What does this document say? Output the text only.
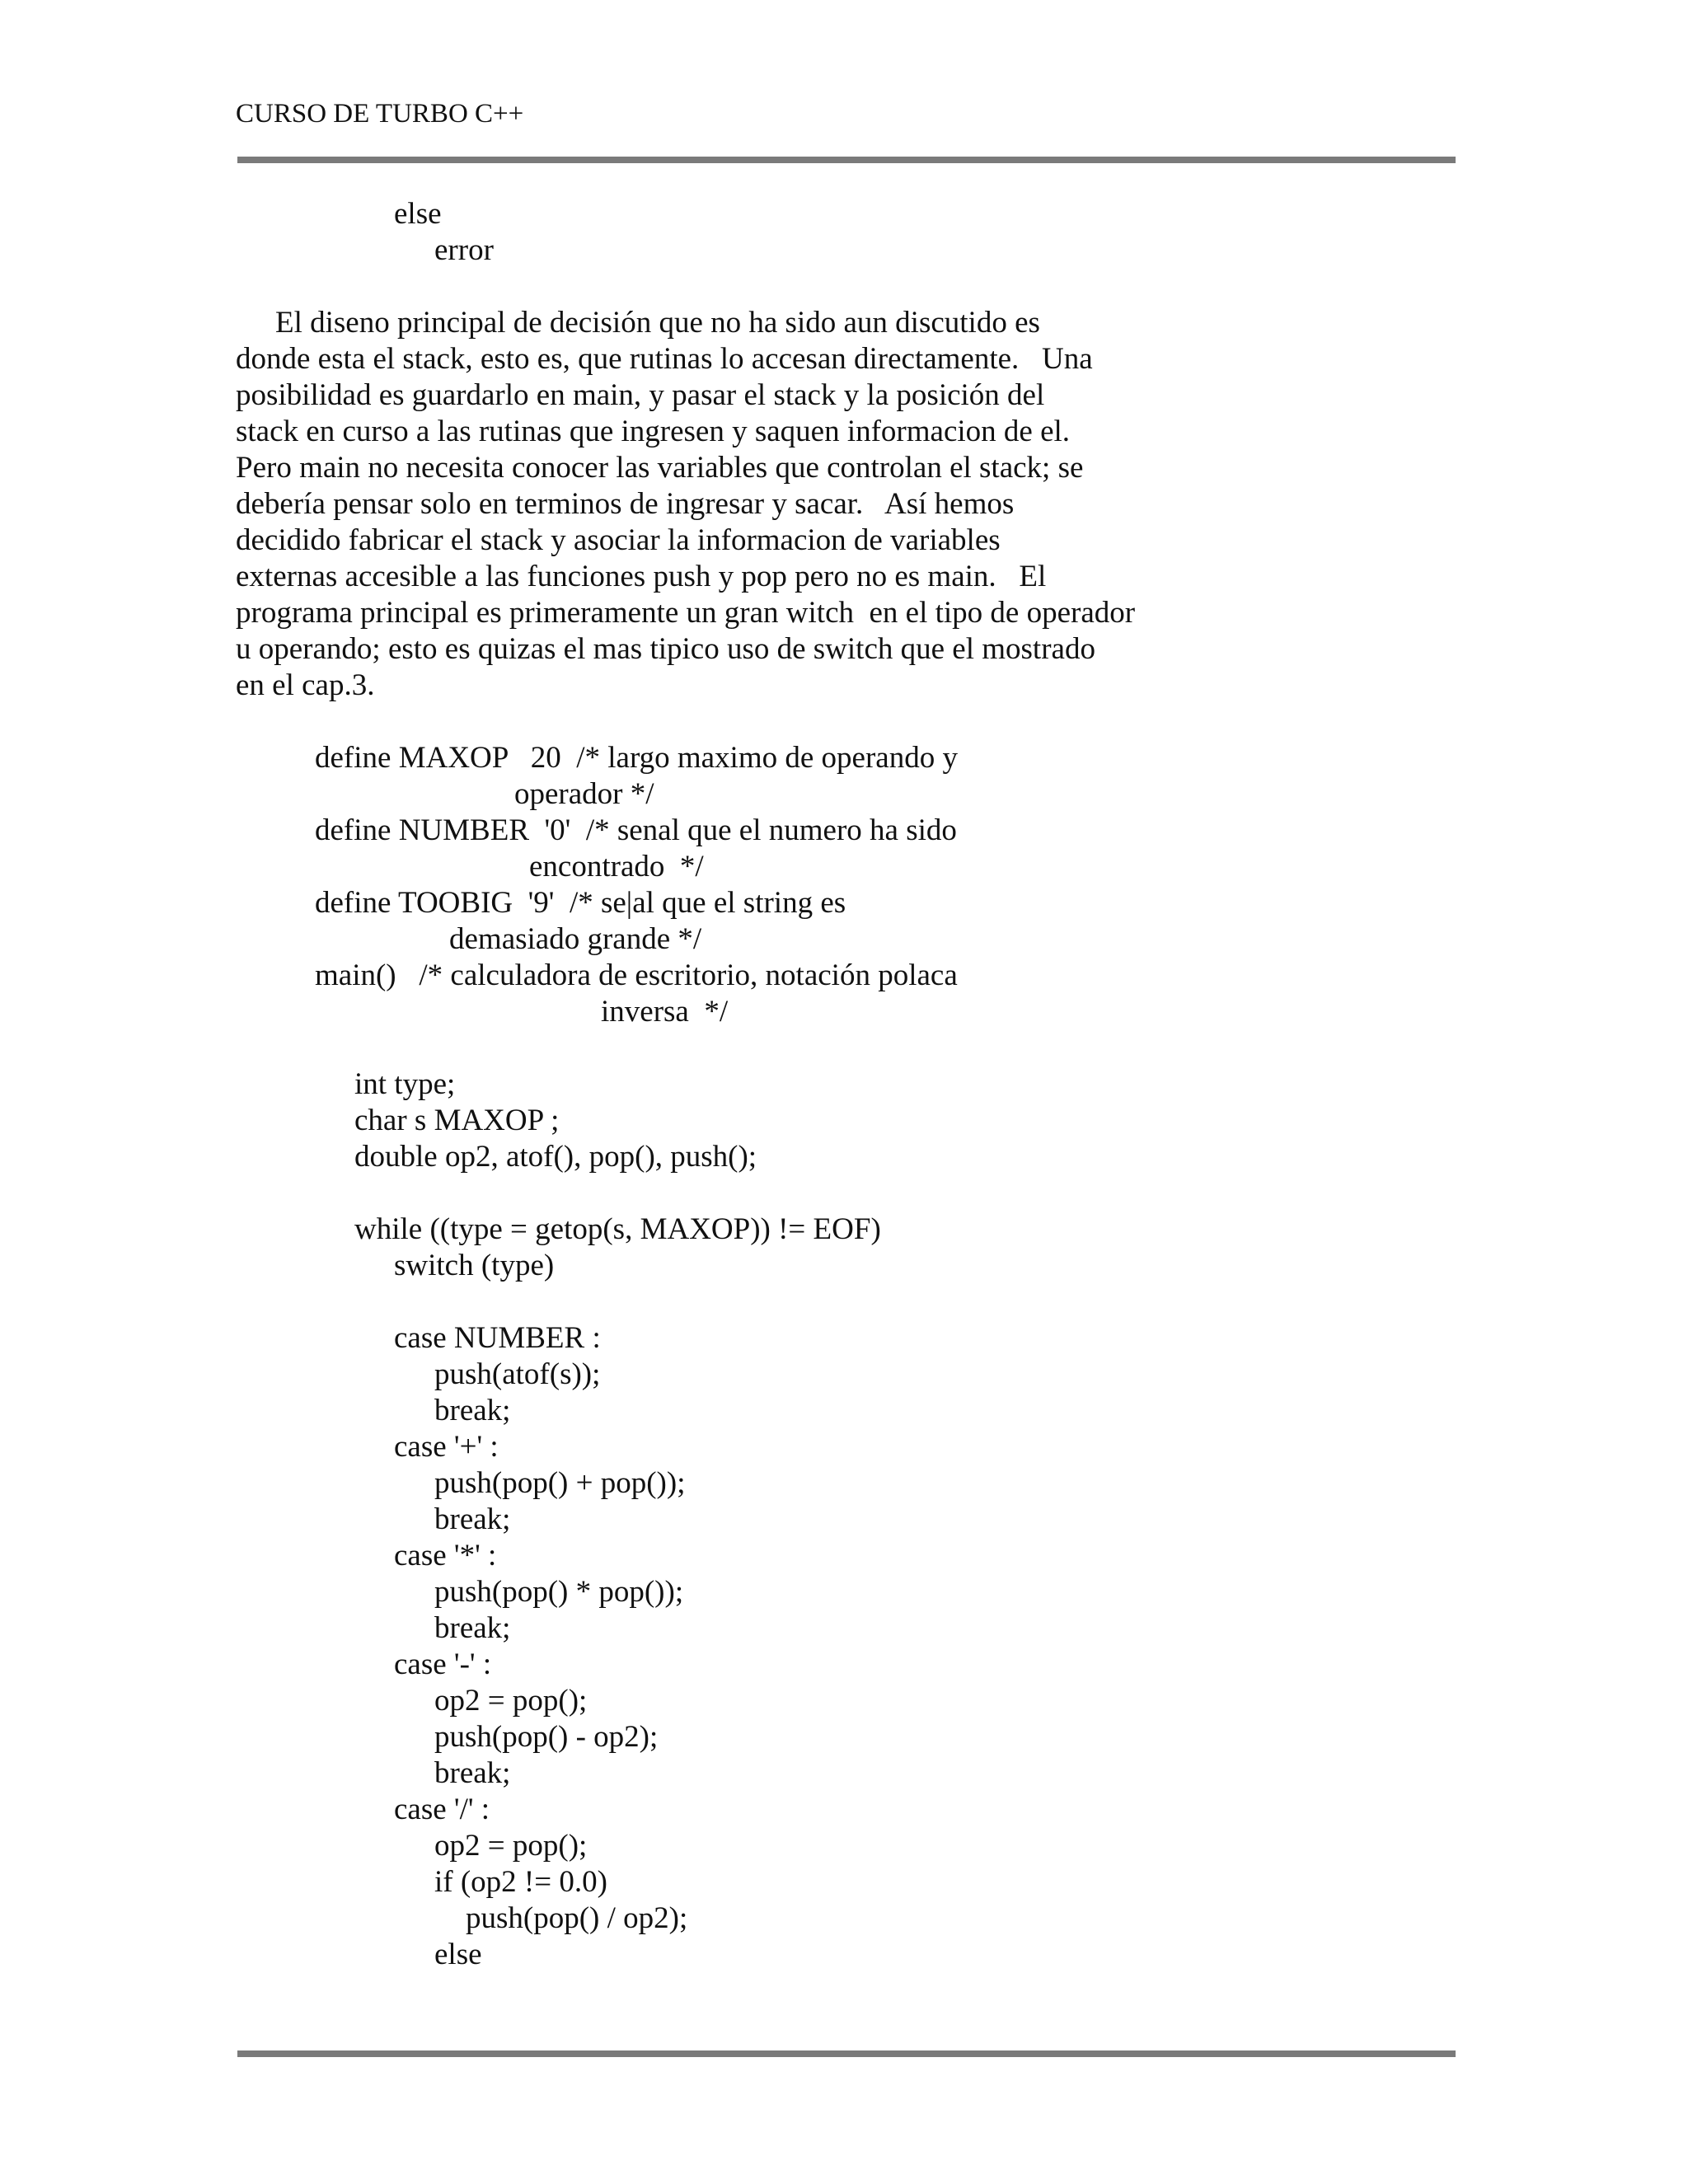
CURSO DE TURBO C++
else
error
El diseno principal de decisión que no ha sido aun discutido es
donde esta el stack, esto es, que rutinas lo accesan directamente.   Una
posibilidad es guardarlo en main, y pasar el stack y la posición del
stack en curso a las rutinas que ingresen y saquen informacion de el.
Pero main no necesita conocer las variables que controlan el stack; se
debería pensar solo en terminos de ingresar y sacar.   Así hemos
decidido fabricar el stack y asociar la informacion de variables
externas accesible a las funciones push y pop pero no es main.   El
programa principal es primeramente un gran witch  en el tipo de operador
u operando; esto es quizas el mas tipico uso de switch que el mostrado
en el cap.3.
define MAXOP   20  /* largo maximo de operando y
operador */
define NUMBER  '0'  /* senal que el numero ha sido
encontrado  */
define TOOBIG  '9'  /* se|al que el string es
demasiado grande */
main()   /* calculadora de escritorio, notación polaca
inversa  */
int type;
char s MAXOP ;
double op2, atof(), pop(), push();
while ((type = getop(s, MAXOP)) != EOF)
switch (type)
case NUMBER :
push(atof(s));
break;
case '+' :
push(pop() + pop());
break;
case '*' :
push(pop() * pop());
break;
case '-' :
op2 = pop();
push(pop() - op2);
break;
case '/' :
op2 = pop();
if (op2 != 0.0)
push(pop() / op2);
else
